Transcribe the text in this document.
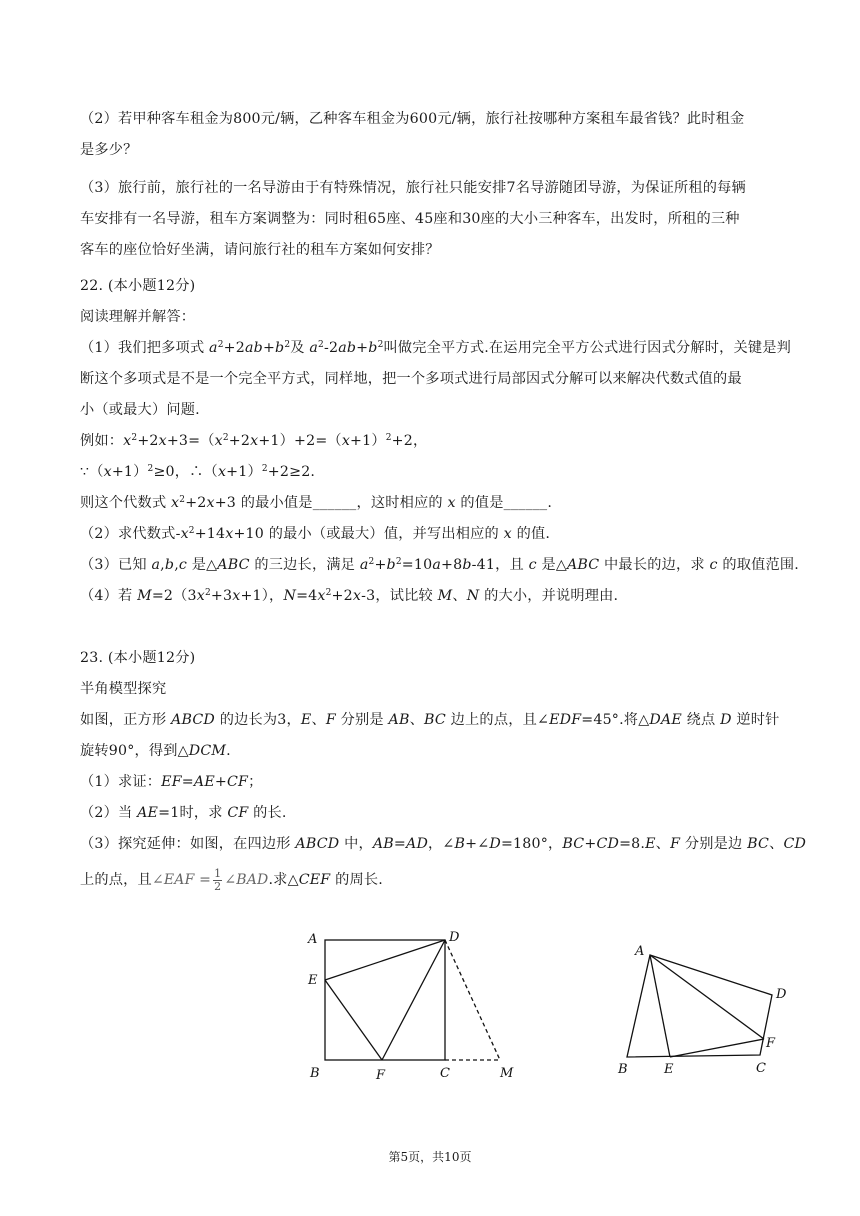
（2）若甲种客车租金为800元/辆，乙种客车租金为600元/辆，旅行社按哪种方案租车最省钱？此时租金
是多少？
（3）旅行前，旅行社的一名导游由于有特殊情况，旅行社只能安排7名导游随团导游，为保证所租的每辆
车安排有一名导游，租车方案调整为：同时租65座、45座和30座的大小三种客车，出发时，所租的三种
客车的座位恰好坐满，请问旅行社的租车方案如何安排？
22. (本小题12分)
阅读理解并解答：
（1）我们把多项式 $a^2+2ab+b^2$及 $a^2-2ab+b^2$叫做完全平方式.在运用完全平方公式进行因式分解时，关键是判
断这个多项式是不是一个完全平方式，同样地，把一个多项式进行局部因式分解可以来解决代数式值的最
小（或最大）问题.
例如：$x^2+2x+3=(x^2+2x+1)+2=(x+1)^2+2$，
$\because(x+1)^2\ge 0$，$\therefore(x+1)^2+2\ge 2$.
则这个代数式 $x^2+2x+3$ 的最小值是______，这时相应的 x 的值是______.
（2）求代数式$-x^2+14x+10$ 的最小（或最大）值，并写出相应的 x 的值.
（3）已知 a,b,c 是△ABC 的三边长，满足 $a^2+b^2=10a+8b-41$，且 c 是△ABC 中最长的边，求 c 的取值范围.
（4）若 $M=2(3x^2+3x+1)$，$N=4x^2+2x-3$，试比较 M、N 的大小，并说明理由.
23. (本小题12分)
半角模型探究
如图，正方形 ABCD 的边长为3，E、F 分别是 AB、BC 边上的点，且∠EDF=45°.将△DAE 绕点 D 逆时针
旋转90°，得到△DCM.
（1）求证：EF=AE+CF；
（2）当 AE=1时，求 CF 的长.
（3）探究延伸：如图，在四边形 ABCD 中，AB=AD，∠B+∠D=180°，BC+CD=8.E、F 分别是边 BC、CD
上的点，且∠EAF = $\frac{1}{2}$ ∠BAD.求△CEF 的周长.
A	D
E
B	F	C	M
A
D
F
B	E	C
第5页，共10页
